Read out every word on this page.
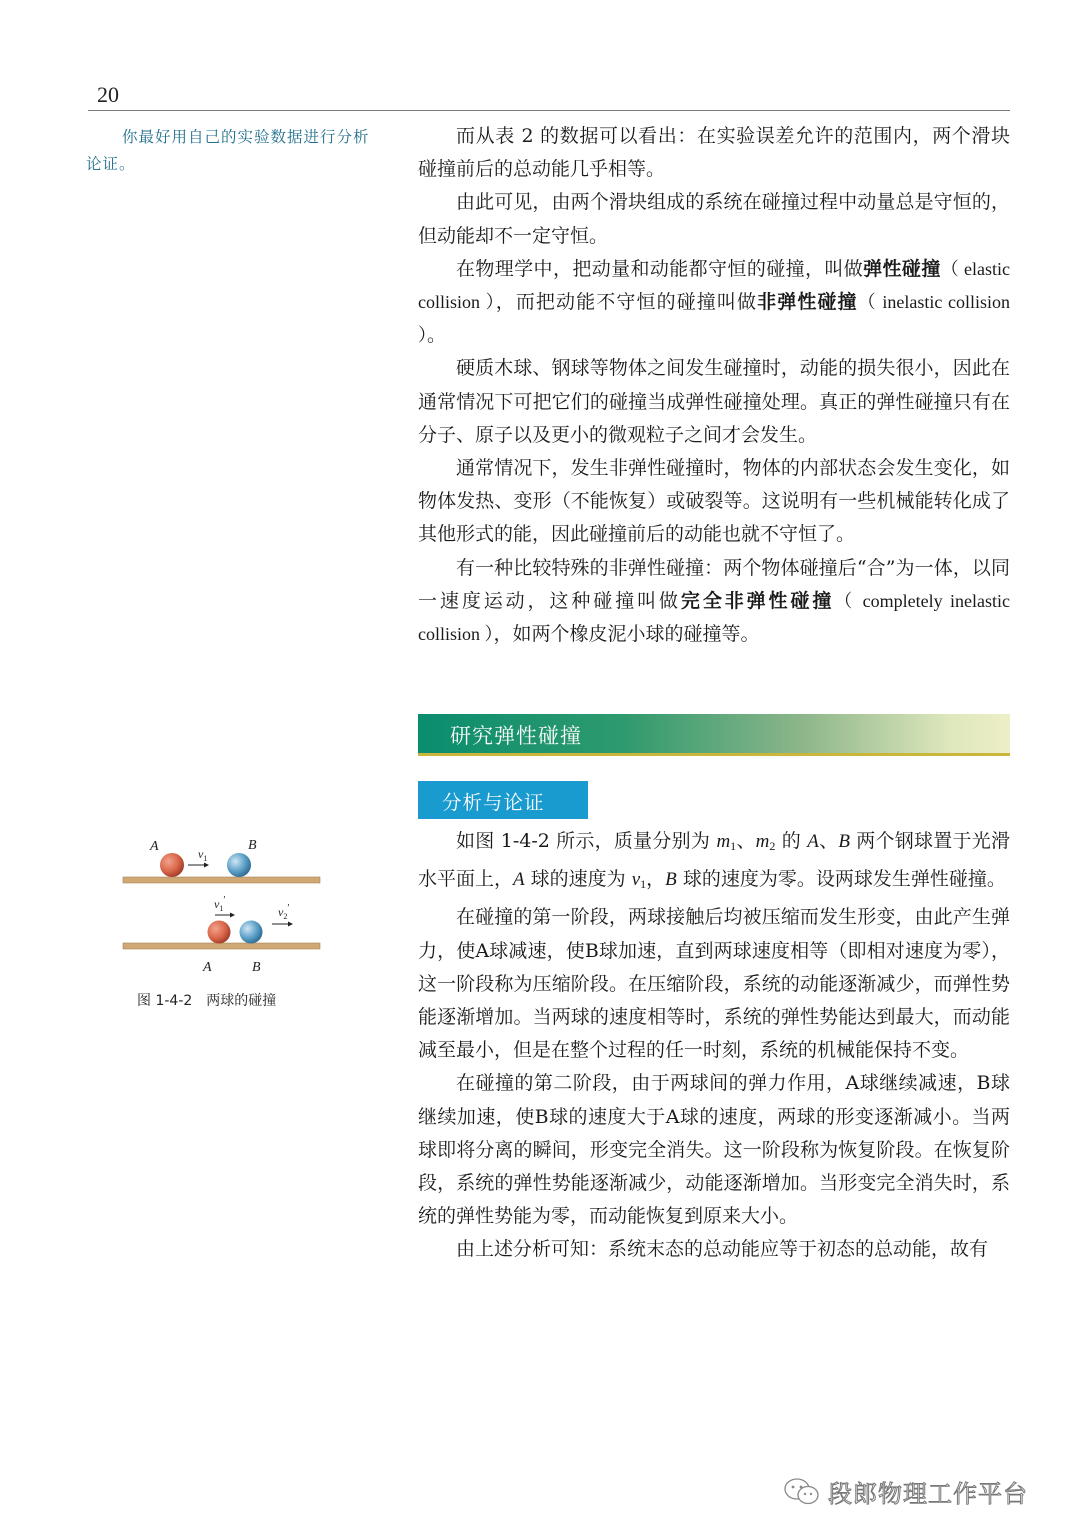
20
你最好用自己的实验数据进行分析论证。

而从表 2 的数据可以看出：在实验误差允许的范围内，两个滑块碰撞前后的总动能几乎相等。

由此可见，由两个滑块组成的系统在碰撞过程中动量总是守恒的，但动能却不一定守恒。

在物理学中，把动量和动能都守恒的碰撞，叫做弹性碰撞（ elastic collision ），而把动能不守恒的碰撞叫做非弹性碰撞（ inelastic collision ）。

硬质木球、钢球等物体之间发生碰撞时，动能的损失很小，因此在通常情况下可把它们的碰撞当成弹性碰撞处理。真正的弹性碰撞只有在分子、原子以及更小的微观粒子之间才会发生。

通常情况下，发生非弹性碰撞时，物体的内部状态会发生变化，如物体发热、变形（不能恢复）或破裂等。这说明有一些机械能转化成了其他形式的能，因此碰撞前后的动能也就不守恒了。

有一种比较特殊的非弹性碰撞：两个物体碰撞后“合”为一体，以同一速度运动，这种碰撞叫做完全非弹性碰撞（ completely inelastic collision ），如两个橡皮泥小球的碰撞等。

研究弹性碰撞
分析与论证

如图 1-4-2 所示，质量分别为 $m_1$、$m_2$ 的 A、B 两个钢球置于光滑水平面上，A 球的速度为 $v_1$，B 球的速度为零。设两球发生弹性碰撞。

在碰撞的第一阶段，两球接触后均被压缩而发生形变，由此产生弹力，使A球减速，使B球加速，直到两球速度相等（即相对速度为零），这一阶段称为压缩阶段。在压缩阶段，系统的动能逐渐减少，而弹性势能逐渐增加。当两球的速度相等时，系统的弹性势能达到最大，而动能减至最小，但是在整个过程的任一时刻，系统的机械能保持不变。

在碰撞的第二阶段，由于两球间的弹力作用，A球继续减速，B球继续加速，使B球的速度大于A球的速度，两球的形变逐渐减小。当两球即将分离的瞬间，形变完全消失。这一阶段称为恢复阶段。在恢复阶段，系统的弹性势能逐渐减少，动能逐渐增加。当形变完全消失时，系统的弹性势能为零，而动能恢复到原来大小。

由上述分析可知：系统末态的总动能应等于初态的总动能，故有

A	B
$v_1$
$v_1'$
$v_2'$
A	B
图 1-4-2 两球的碰撞
段郎物理工作平台
